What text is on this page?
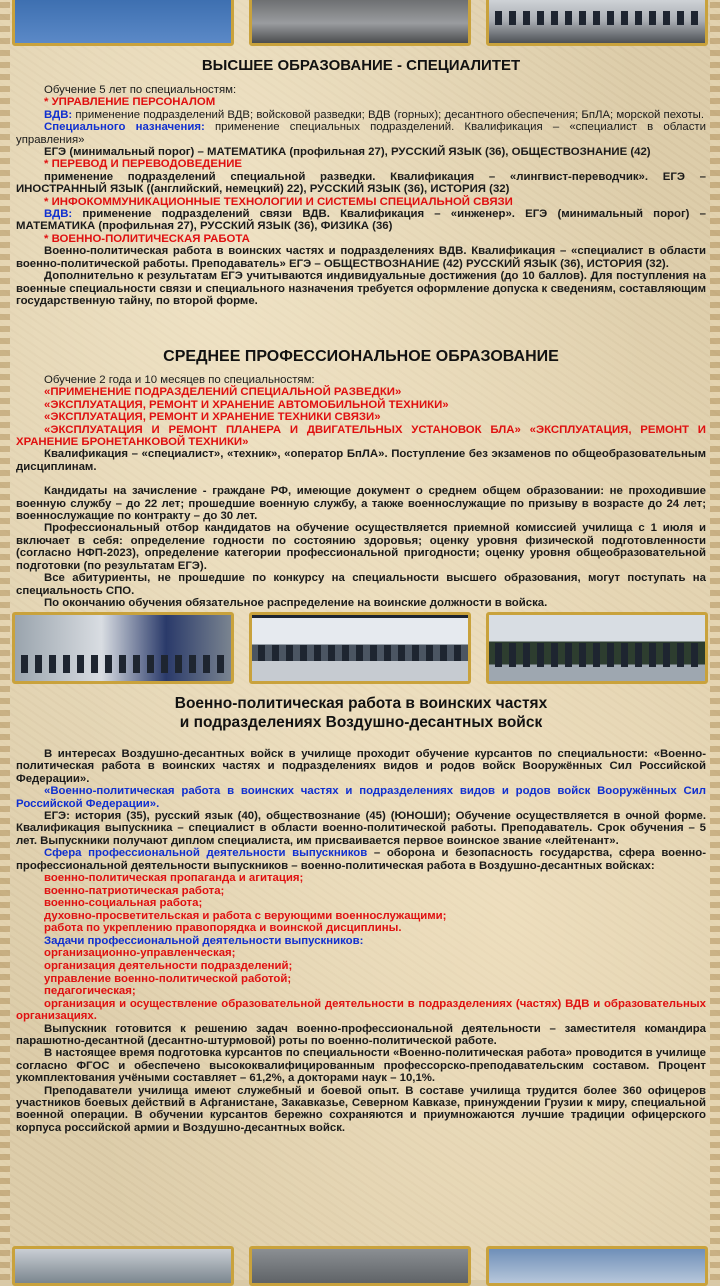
ВЫСШЕЕ ОБРАЗОВАНИЕ - СПЕЦИАЛИТЕТ

Обучение 5 лет по специальностям:

* УПРАВЛЕНИЕ ПЕРСОНАЛОМ

ВДВ: применение подразделений ВДВ; войсковой разведки; ВДВ (горных); десантного обеспечения; БпЛА; морской пехоты.

Специального назначения: применение специальных подразделений. Квалификация – «специалист в области управления»

ЕГЭ (минимальный порог) – МАТЕМАТИКА (профильная 27), РУССКИЙ ЯЗЫК (36), ОБЩЕСТВОЗНАНИЕ (42)

* ПЕРЕВОД И ПЕРЕВОДОВЕДЕНИЕ

применение подразделений специальной разведки. Квалификация – «лингвист-переводчик». ЕГЭ – ИНОСТРАННЫЙ ЯЗЫК ((английский, немецкий) 22), РУССКИЙ ЯЗЫК (36), ИСТОРИЯ (32)

* ИНФОКОММУНИКАЦИОННЫЕ ТЕХНОЛОГИИ И СИСТЕМЫ СПЕЦИАЛЬНОЙ СВЯЗИ

ВДВ: применение подразделений связи ВДВ. Квалификация – «инженер». ЕГЭ (минимальный порог) – МАТЕМАТИКА (профильная 27), РУССКИЙ ЯЗЫК (36), ФИЗИКА (36)

* ВОЕННО-ПОЛИТИЧЕСКАЯ РАБОТА

Военно-политическая работа в воинских частях и подразделениях ВДВ. Квалификация – «специалист в области военно-политической работы. Преподаватель» ЕГЭ – ОБЩЕСТВОЗНАНИЕ (42) РУССКИЙ ЯЗЫК (36), ИСТОРИЯ (32).

Дополнительно к результатам ЕГЭ учитываются индивидуальные достижения (до 10 баллов). Для поступления на военные специальности связи и специального назначения требуется оформление допуска к сведениям, составляющим государственную тайну, по второй форме.

СРЕДНЕЕ ПРОФЕССИОНАЛЬНОЕ ОБРАЗОВАНИЕ

Обучение 2 года и 10 месяцев по специальностям:

«ПРИМЕНЕНИЕ ПОДРАЗДЕЛЕНИЙ СПЕЦИАЛЬНОЙ РАЗВЕДКИ»

«ЭКСПЛУАТАЦИЯ, РЕМОНТ И ХРАНЕНИЕ АВТОМОБИЛЬНОЙ ТЕХНИКИ»

«ЭКСПЛУАТАЦИЯ, РЕМОНТ И ХРАНЕНИЕ ТЕХНИКИ СВЯЗИ»

«ЭКСПЛУАТАЦИЯ И РЕМОНТ ПЛАНЕРА И ДВИГАТЕЛЬНЫХ УСТАНОВОК БЛА» «ЭКСПЛУАТАЦИЯ, РЕМОНТ И ХРАНЕНИЕ БРОНЕТАНКОВОЙ ТЕХНИКИ»

Квалификация – «специалист», «техник», «оператор БпЛА». Поступление без экзаменов по общеобразовательным дисциплинам.

Кандидаты на зачисление - граждане РФ, имеющие документ о среднем общем образовании: не проходившие военную службу – до 22 лет; прошедшие военную службу, а также военнослужащие по призыву в возрасте до 24 лет; военнослужащие по контракту – до 30 лет.

Профессиональный отбор кандидатов на обучение осуществляется приемной комиссией училища с 1 июля и включает в себя: определение годности по состоянию здоровья; оценку уровня физической подготовленности (согласно НФП-2023), определение категории профессиональной пригодности; оценку уровня общеобразовательной подготовки (по результатам ЕГЭ).

Все абитуриенты, не прошедшие по конкурсу на специальности высшего образования, могут поступать на специальность СПО.

По окончанию обучения обязательное распределение на воинские должности в войска.

Военно-политическая работа в воинских частях
и подразделениях Воздушно-десантных войск

В интересах Воздушно-десантных войск в училище проходит обучение курсантов по специальности: «Военно-политическая работа в воинских частях и подразделениях видов и родов войск Вооружённых Сил Российской Федерации».

«Военно-политическая работа в воинских частях и подразделениях видов и родов войск Вооружённых Сил Российской Федерации».

ЕГЭ: история (35), русский язык (40), обществознание (45) (ЮНОШИ); Обучение осуществляется в очной форме. Квалификация выпускника – специалист в области военно-политической работы. Преподаватель. Срок обучения – 5 лет. Выпускники получают диплом специалиста, им присваивается первое воинское звание «лейтенант».

Сфера профессиональной деятельности выпускников – оборона и безопасность государства, сфера военно-профессиональной деятельности выпускников – военно-политическая работа в Воздушно-десантных войсках:

военно-политическая пропаганда и агитация;

военно-патриотическая работа;

военно-социальная работа;

духовно-просветительская и работа с верующими военнослужащими;

работа по укреплению правопорядка и воинской дисциплины.

Задачи профессиональной деятельности выпускников:

организационно-управленческая;

организация деятельности подразделений;

управление военно-политической работой;

педагогическая;

организация и осуществление образовательной деятельности в подразделениях (частях) ВДВ и образовательных организациях.

Выпускник готовится к решению задач военно-профессиональной деятельности – заместителя командира парашютно-десантной (десантно-штурмовой) роты по военно-политической работе.

В настоящее время подготовка курсантов по специальности «Военно-политическая работа» проводится в училище согласно ФГОС и обеспечено высококвалифицированным профессорско-преподавательским составом. Процент укомплектования учёными составляет – 61,2%, а докторами наук – 10,1%.

Преподаватели училища имеют служебный и боевой опыт. В составе училища трудится более 360 офицеров участников боевых действий в Афганистане, Закавказье, Северном Кавказе, принуждении Грузии к миру, специальной военной операции. В обучении курсантов бережно сохраняются и приумножаются лучшие традиции офицерского корпуса российской армии и Воздушно-десантных войск.
